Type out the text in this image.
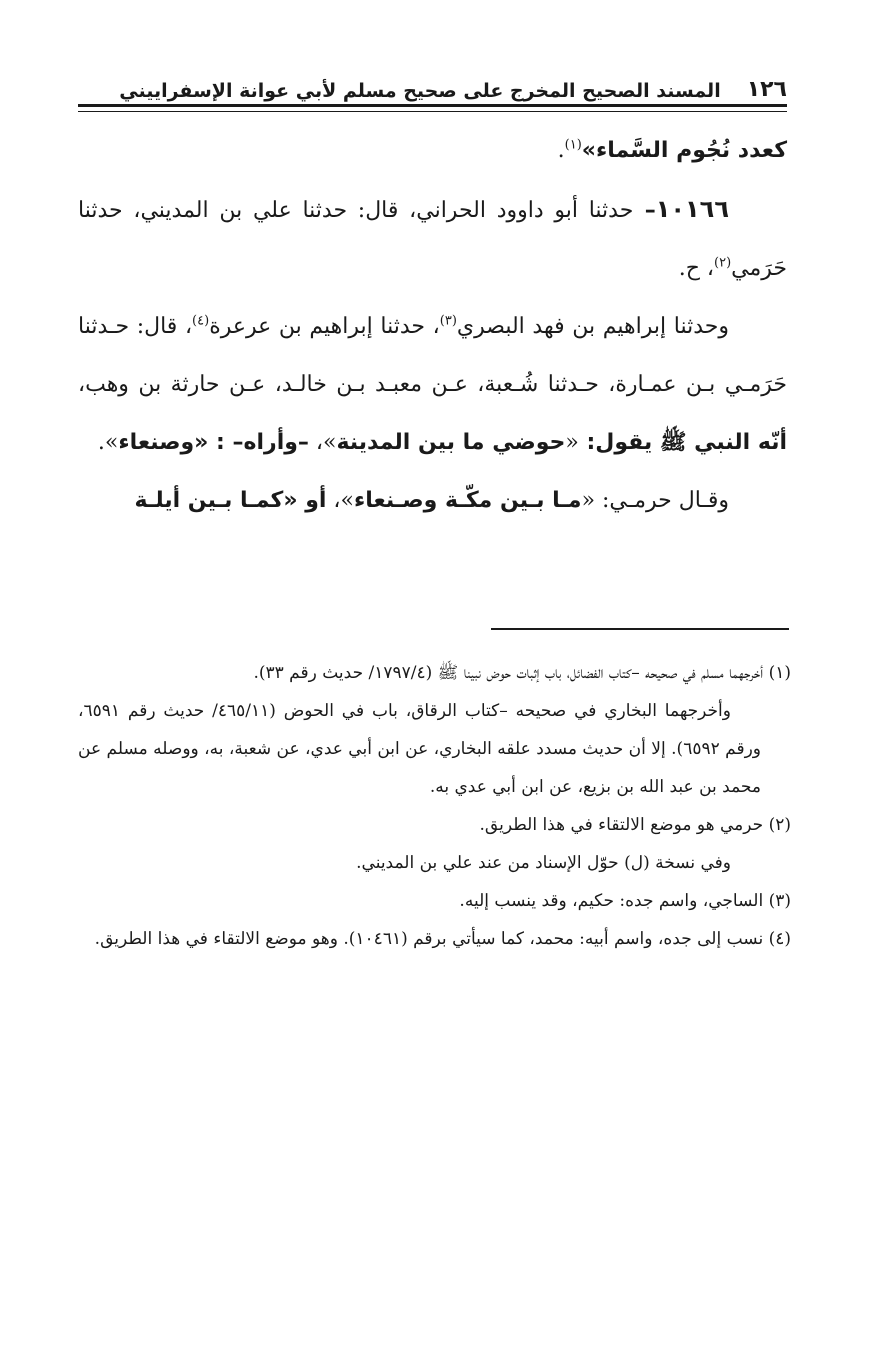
١٢٦
المسند الصحيح المخرج على صحيح مسلم لأبي عوانة الإسفراييني

كعدد نُجُوم السَّماء»$^{(١)}$.

١٠١٦٦– حدثنا أبو داوود الحراني، قال: حدثنا علي بن المديني، حدثنا حَرَمي$^{(٢)}$، ح.

وحدثنا إبراهيم بن فهد البصري$^{(٣)}$، حدثنا إبراهيم بن عرعرة$^{(٤)}$، قال: حـدثنا حَرَمـي بـن عمـارة، حـدثنا شُـعبة، عـن معبـد بـن خالـد، عـن حارثة بن وهب، أنّه النبي ﷺ يقول: «حوضي ما بين المدينة»، –وأراه– : «وصنعاء».

وقـال حرمـي: «مـا بـين مكّـة وصـنعاء»، أو «كمـا بـين أيلـة

(١) أخرجهما مسلم في صحيحه –كتاب الفضائل، باب إثبات حوض نبينا ﷺ (١٧٩٧/٤/ حديث رقم ٣٣).

وأخرجهما البخاري في صحيحه –كتاب الرقاق، باب في الحوض (٤٦٥/١١/ حديث رقم ٦٥٩١، ورقم ٦٥٩٢). إلا أن حديث مسدد علقه البخاري، عن ابن أبي عدي، عن شعبة، به، ووصله مسلم عن محمد بن عبد الله بن بزيع، عن ابن أبي عدي به.

(٢) حرمي هو موضع الالتقاء في هذا الطريق.

وفي نسخة (ل) حوّل الإسناد من عند علي بن المديني.

(٣) الساجي، واسم جده: حكيم، وقد ينسب إليه.

(٤) نسب إلى جده، واسم أبيه: محمد، كما سيأتي برقم (١٠٤٦١). وهو موضع الالتقاء في هذا الطريق.
